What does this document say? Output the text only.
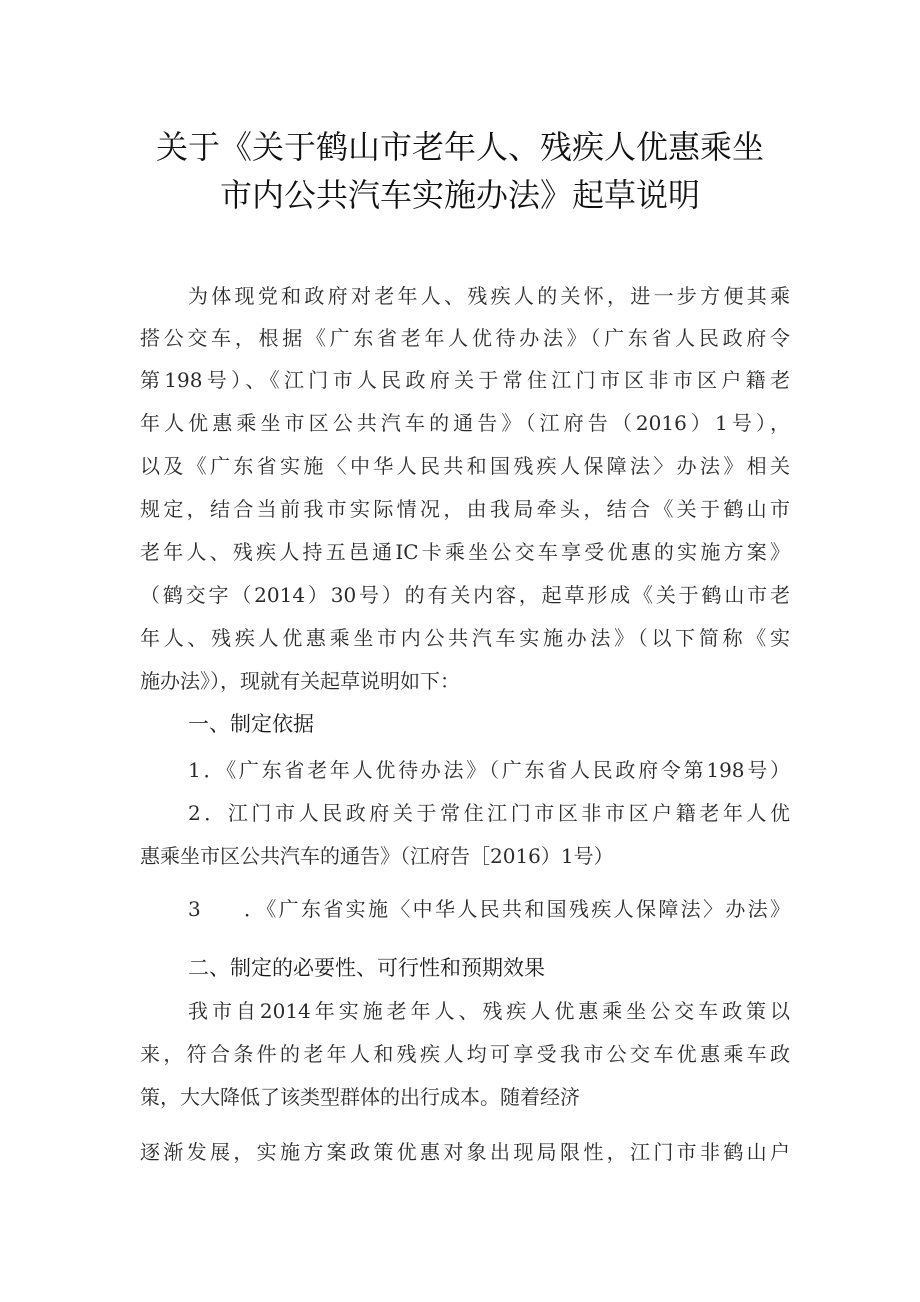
关于《关于鹤山市老年人、残疾人优惠乘坐
市内公共汽车实施办法》起草说明
为体现党和政府对老年人、残疾人的关怀，进一步方便其乘
搭公交车，根据《广东省老年人优待办法》（广东省人民政府令
第198号）、《江门市人民政府关于常住江门市区非市区户籍老
年人优惠乘坐市区公共汽车的通告》（江府告（2016）1号），
以及《广东省实施〈中华人民共和国残疾人保障法〉办法》相关
规定，结合当前我市实际情况，由我局牵头，结合《关于鹤山市
老年人、残疾人持五邑通IC卡乘坐公交车享受优惠的实施方案》
（鹤交字（2014）30号）的有关内容，起草形成《关于鹤山市老
年人、残疾人优惠乘坐市内公共汽车实施办法》（以下简称《实
施办法》），现就有关起草说明如下：
一、制定依据
1．《广东省老年人优待办法》（广东省人民政府令第198号）
2．江门市人民政府关于常住江门市区非市区户籍老年人优
惠乘坐市区公共汽车的通告》（江府告［2016）1号）
3 ．《广东省实施〈中华人民共和国残疾人保障法〉办法》
二、制定的必要性、可行性和预期效果
我市自2014年实施老年人、残疾人优惠乘坐公交车政策以
来，符合条件的老年人和残疾人均可享受我市公交车优惠乘车政
策，大大降低了该类型群体的出行成本。随着经济
逐渐发展，实施方案政策优惠对象出现局限性，江门市非鹤山户
